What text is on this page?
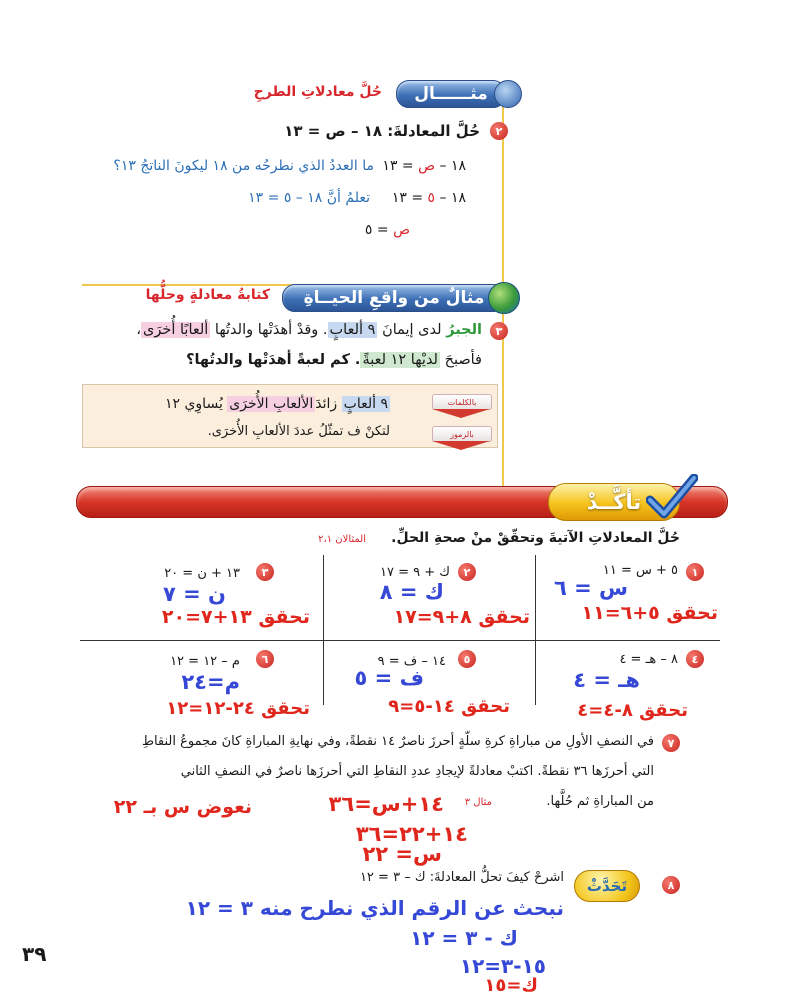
مثــــــال
حُلَّ معادلاتِ الطرحِ
٢
حُلَّ المعادلةَ: ١٨ – ص = ١٣
١٨ – ص = ١٣
ما العددُ الذي نطرحُه من ١٨ ليكونَ الناتجُ ١٣؟
١٨ – ٥ = ١٣
تعلمُ أنَّ ١٨ – ٥ = ١٣
ص = ٥
مثالٌ من واقعِ الحيــاةِ
كتابةُ معادلةٍ وحلُّها
٣
الجبرُ لدى إيمانَ ٩ ألعابٍ. وقدْ أهدَتْها والدتُها ألعابًا أُخرَى،
فأصبحَ لديْها ١٢ لعبةً. كم لعبةً أهدَتْها والدتُها؟
بالكلمات
بالرموز
٩ ألعابٍ زائدَالألعابِ الأُخرَى يُساوِي ١٢
لتكنْ ف تمثّلُ عددَ الألعابِ الأُخرَى.
تأكَّــدْ
حُلَّ المعادلاتِ الآتيةَ وتحقّقْ منْ صحةِ الحلِّ.
المثالان ٢،١
١
٥ + س = ١١
س = ٦
تحقق ٥+٦=١١
٢
ك + ٩ = ١٧
ك = ٨
تحقق ٨+٩=١٧
٣
١٣ + ن = ٢٠
ن = ٧
تحقق ١٣+٧=٢٠
٤
٨ – هـ = ٤
هـ = ٤
تحقق ٨-٤=٤
٥
١٤ – ف = ٩
ف = ٥
تحقق ١٤-٥=٩
٦
م – ١٢ = ١٢
م=٢٤
تحقق ٢٤-١٢=١٢
٧
في النصفِ الأولِ من مباراةِ كرةِ سلّةٍ أحرزَ ناصرٌ ١٤ نقطةً، وفي نهايةِ المباراةِ كانَ مجموعُ النقاطِ
التي أحرزَها ٣٦ نقطةً. اكتبْ معادلةً لإيجادِ عددِ النقاطِ التي أحرزَها ناصرٌ في النصفِ الثاني
من المباراةِ ثم حُلَّها.
مثال ٣
١٤+س=٣٦
نعوض س بـ ٢٢
١٤+٢٢=٣٦
س= ٢٢
٨
تَحَدَّثْ
اشرحْ كيفَ تحلُّ المعادلةَ: ك – ٣ = ١٢
نبحث عن الرقم الذي نطرح منه ٣ = ١٢
ك - ٣ = ١٢
١٥-٣=١٢
ك=١٥
٣٩
